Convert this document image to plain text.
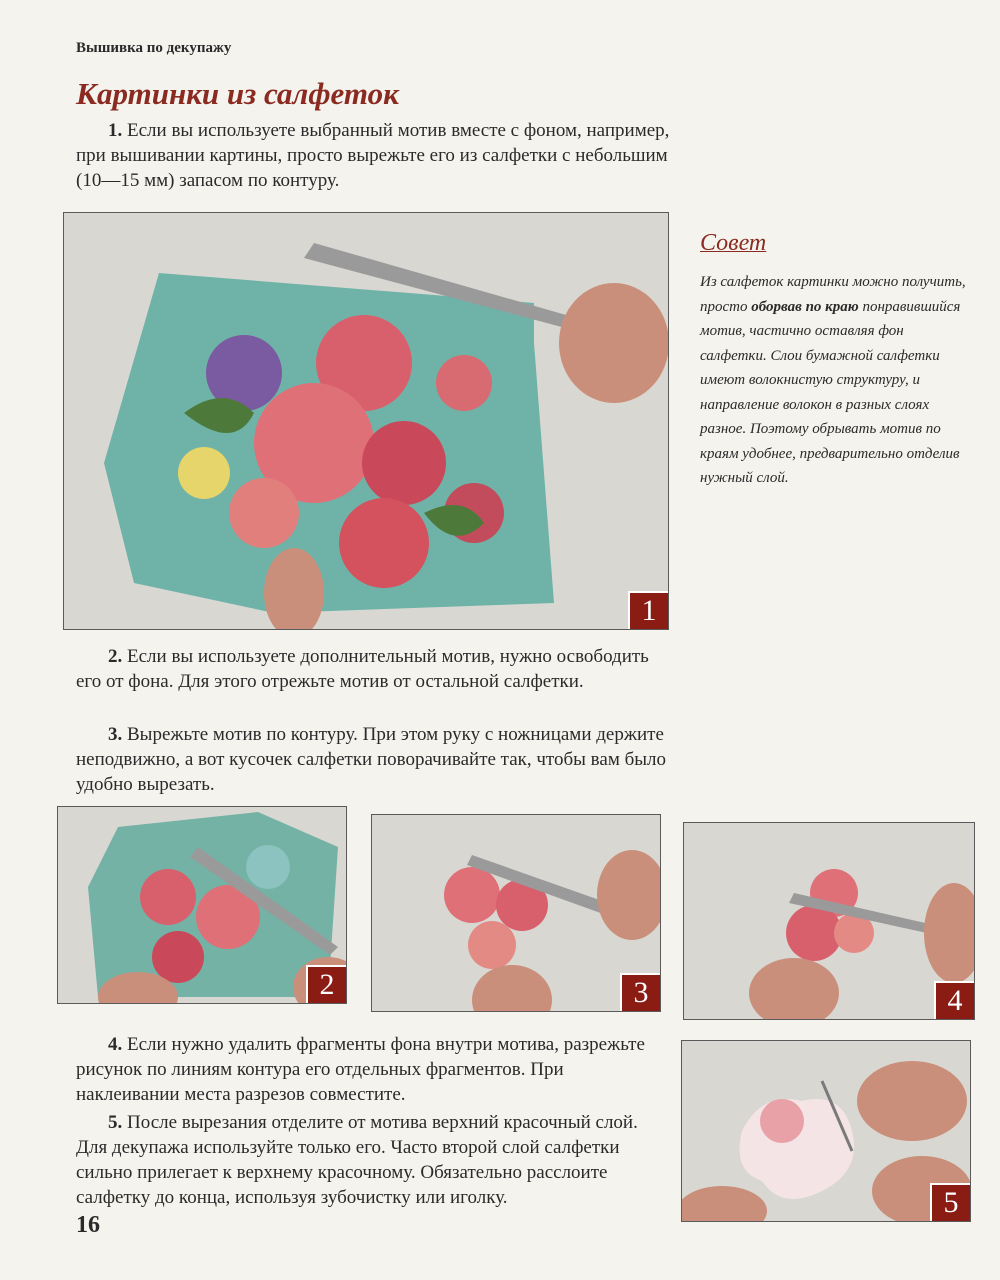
Вышивка по декупажу
Картинки из салфеток

1. Если вы используете выбранный мотив вместе с фоном, например, при вышивании картины, просто вырежьте его из салфетки с небольшим (10—15 мм) запасом по контуру.

1
Совет

Из салфеток картинки можно получить, просто оборвав по краю понравившийся мотив, частично оставляя фон салфетки. Слои бумажной салфетки имеют волокнистую структуру, и направление волокон в разных слоях разное. Поэтому обрывать мотив по краям удобнее, предварительно отделив нужный слой.

2. Если вы используете дополнительный мотив, нужно освободить его от фона. Для этого отрежьте мотив от остальной салфетки.

3. Вырежьте мотив по контуру. При этом руку с ножницами держите неподвижно, а вот кусочек салфетки поворачивайте так, чтобы вам было удобно вырезать.

2	3	4

4. Если нужно удалить фрагменты фона внутри мотива, разрежьте рисунок по линиям контура его отдельных фрагментов. При наклеивании места разрезов совместите.

5. После вырезания отделите от мотива верхний красочный слой. Для декупажа используйте только его. Часто второй слой салфетки сильно прилегает к верхнему красочному. Обязательно расслоите салфетку до конца, используя зубочистку или иголку.	5
16
